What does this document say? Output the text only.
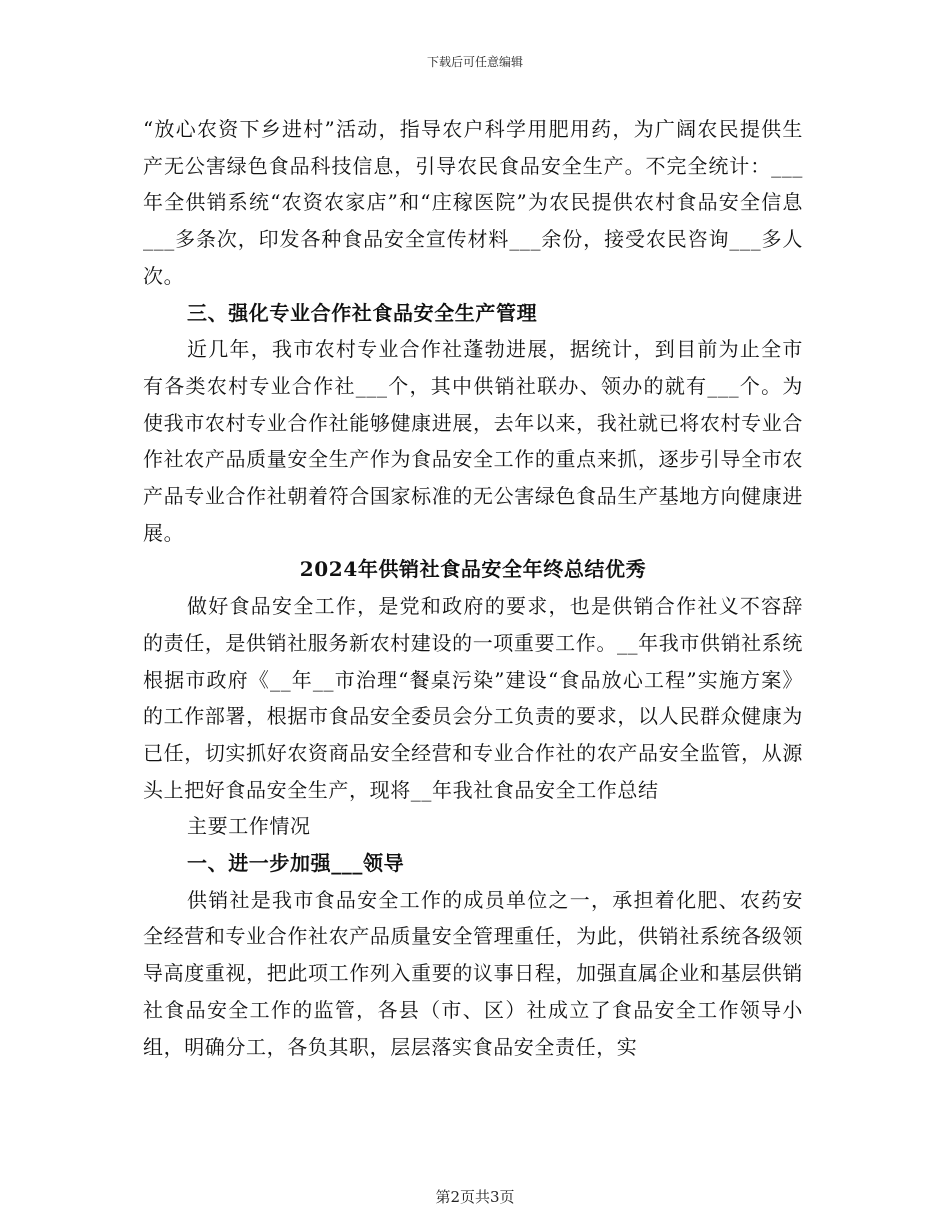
下载后可任意编辑

“放心农资下乡进村”活动，指导农户科学用肥用药，为广阔农民提供生产无公害绿色食品科技信息，引导农民食品安全生产。不完全统计：___年全供销系统“农资农家店”和“庄稼医院”为农民提供农村食品安全信息___多条次，印发各种食品安全宣传材料___余份，接受农民咨询___多人次。

三、强化专业合作社食品安全生产管理

近几年，我市农村专业合作社蓬勃进展，据统计，到目前为止全市有各类农村专业合作社___个，其中供销社联办、领办的就有___个。为使我市农村专业合作社能够健康进展，去年以来，我社就已将农村专业合作社农产品质量安全生产作为食品安全工作的重点来抓，逐步引导全市农产品专业合作社朝着符合国家标准的无公害绿色食品生产基地方向健康进展。

2024年供销社食品安全年终总结优秀

做好食品安全工作，是党和政府的要求，也是供销合作社义不容辞的责任，是供销社服务新农村建设的一项重要工作。__年我市供销社系统根据市政府《__年__市治理“餐桌污染”建设“食品放心工程”实施方案》的工作部署，根据市食品安全委员会分工负责的要求，以人民群众健康为已任，切实抓好农资商品安全经营和专业合作社的农产品安全监管，从源头上把好食品安全生产，现将__年我社食品安全工作总结

主要工作情况

一、进一步加强___领导

供销社是我市食品安全工作的成员单位之一，承担着化肥、农药安全经营和专业合作社农产品质量安全管理重任，为此，供销社系统各级领导高度重视，把此项工作列入重要的议事日程，加强直属企业和基层供销社食品安全工作的监管，各县（市、区）社成立了食品安全工作领导小组，明确分工，各负其职，层层落实食品安全责任，实

第2页共3页
